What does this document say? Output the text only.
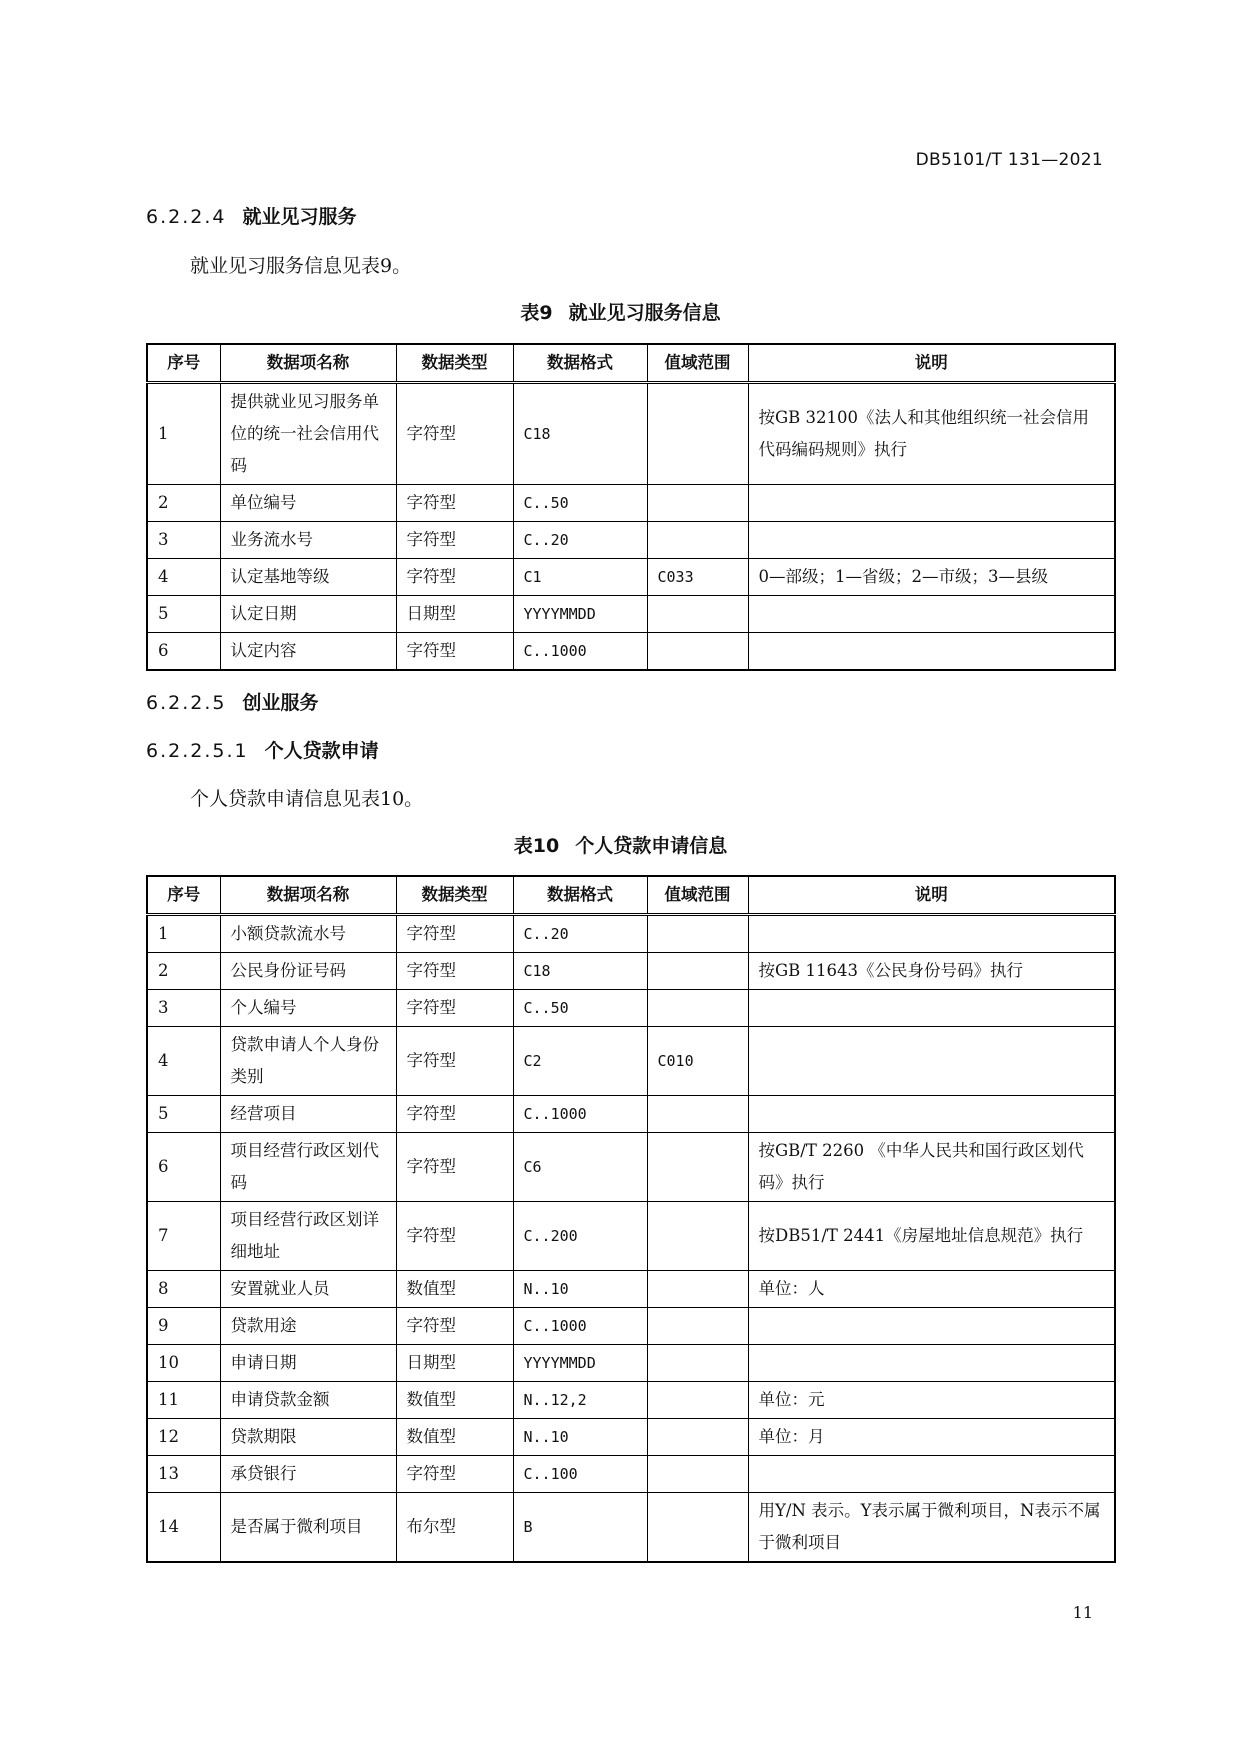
DB5101/T 131—2021
6.2.2.4 就业见习服务
就业见习服务信息见表9。
表9 就业见习服务信息
序号	数据项名称	数据类型	数据格式	值域范围	说明
1	提供就业见习服务单位的统一社会信用代码	字符型	C18		按GB 32100《法人和其他组织统一社会信用代码编码规则》执行
2	单位编号	字符型	C..50		
3	业务流水号	字符型	C..20		
4	认定基地等级	字符型	C1	C033	0—部级；1—省级；2—市级；3—县级
5	认定日期	日期型	YYYYMMDD		
6	认定内容	字符型	C..1000		
6.2.2.5 创业服务
6.2.2.5.1 个人贷款申请
个人贷款申请信息见表10。
表10 个人贷款申请信息
序号	数据项名称	数据类型	数据格式	值域范围	说明
1	小额贷款流水号	字符型	C..20		
2	公民身份证号码	字符型	C18		按GB 11643《公民身份号码》执行
3	个人编号	字符型	C..50		
4	贷款申请人个人身份类别	字符型	C2	C010	
5	经营项目	字符型	C..1000		
6	项目经营行政区划代码	字符型	C6		按GB/T 2260 《中华人民共和国行政区划代码》执行
7	项目经营行政区划详细地址	字符型	C..200		按DB51/T 2441《房屋地址信息规范》执行
8	安置就业人员	数值型	N..10		单位：人
9	贷款用途	字符型	C..1000		
10	申请日期	日期型	YYYYMMDD		
11	申请贷款金额	数值型	N..12,2		单位：元
12	贷款期限	数值型	N..10		单位：月
13	承贷银行	字符型	C..100		
14	是否属于微利项目	布尔型	B		用Y/N 表示。Y表示属于微利项目，N表示不属于微利项目
11
